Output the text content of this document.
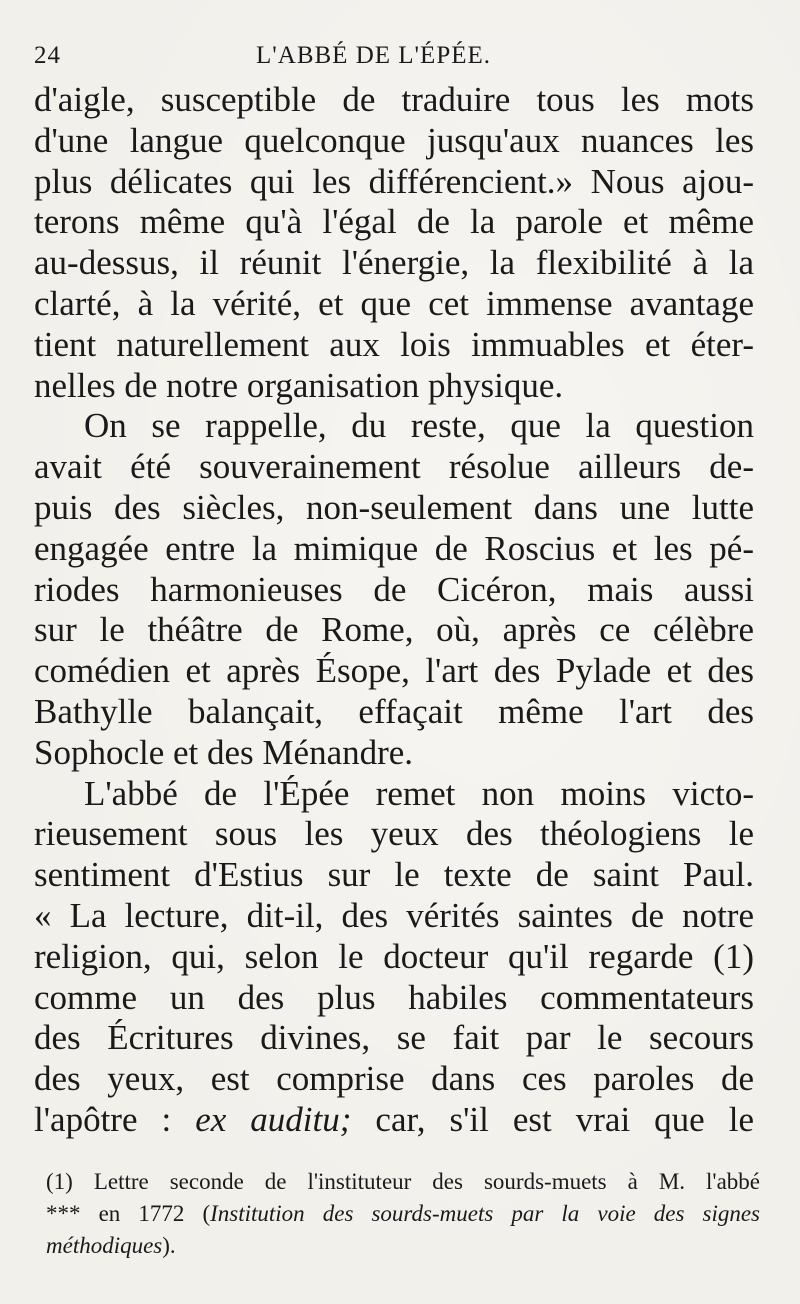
24	L'ABBÉ DE L'ÉPÉE.
d'aigle, susceptible de traduire tous les mots
d'une langue quelconque jusqu'aux nuances les
plus délicates qui les différencient.» Nous ajou-
terons même qu'à l'égal de la parole et même
au-dessus, il réunit l'énergie, la flexibilité à la
clarté, à la vérité, et que cet immense avantage
tient naturellement aux lois immuables et éter-
nelles de notre organisation physique.
On se rappelle, du reste, que la question
avait été souverainement résolue ailleurs de-
puis des siècles, non-seulement dans une lutte
engagée entre la mimique de Roscius et les pé-
riodes harmonieuses de Cicéron, mais aussi
sur le théâtre de Rome, où, après ce célèbre
comédien et après Ésope, l'art des Pylade et des
Bathylle balançait, effaçait même l'art des
Sophocle et des Ménandre.
L'abbé de l'Épée remet non moins victo-
rieusement sous les yeux des théologiens le
sentiment d'Estius sur le texte de saint Paul.
« La lecture, dit-il, des vérités saintes de notre
religion, qui, selon le docteur qu'il regarde (1)
comme un des plus habiles commentateurs
des Écritures divines, se fait par le secours
des yeux, est comprise dans ces paroles de
l'apôtre : ex auditu; car, s'il est vrai que le
(1) Lettre seconde de l'instituteur des sourds-muets à M. l'abbé
*** en 1772 (Institution des sourds-muets par la voie des signes
méthodiques).
